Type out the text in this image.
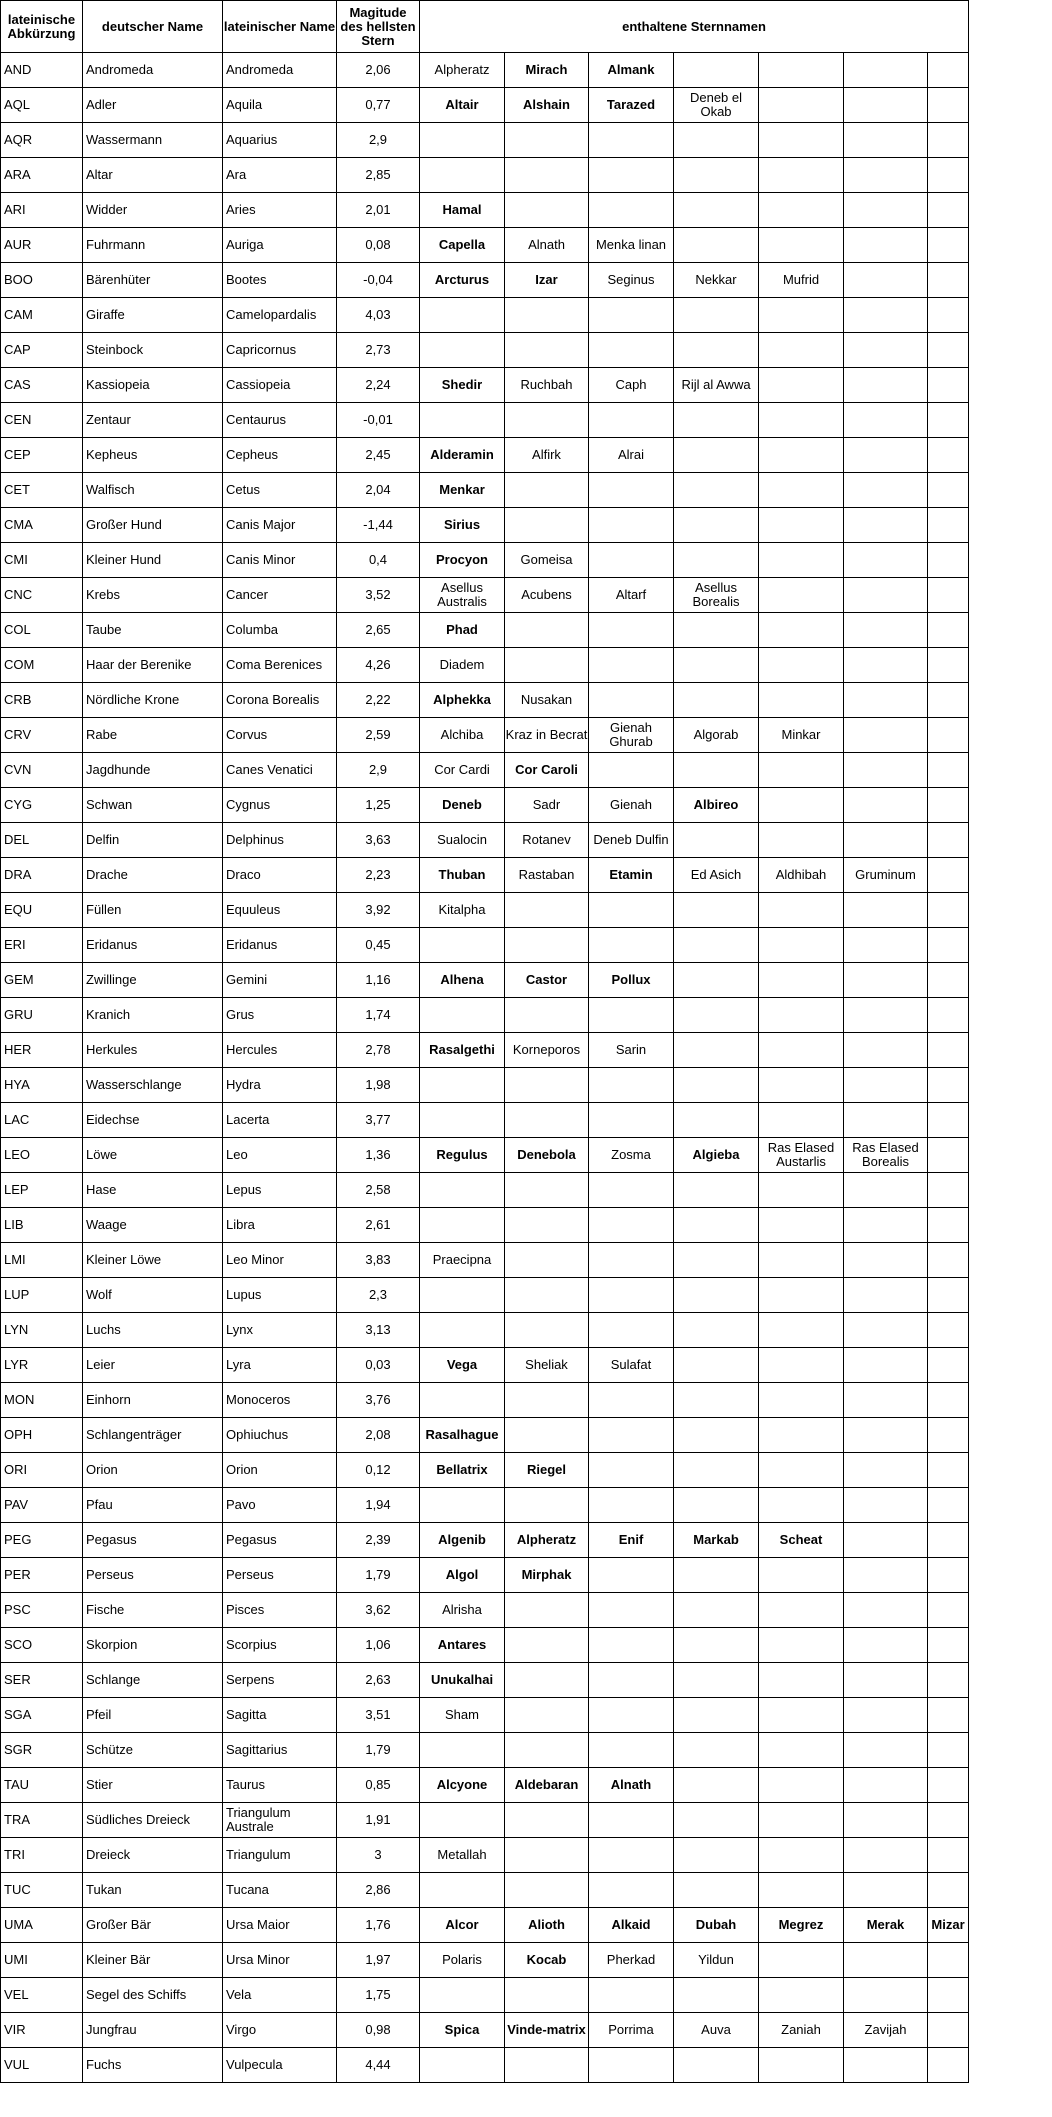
lateinische Abkürzung	deutscher Name	lateinischer Name	Magitude des hellsten Stern	enthaltene Sternnamen						
AND	Andromeda	Andromeda	2,06	Alpheratz	Mirach	Almank				
AQL	Adler	Aquila	0,77	Altair	Alshain	Tarazed	Deneb el Okab			
AQR	Wassermann	Aquarius	2,9							
ARA	Altar	Ara	2,85							
ARI	Widder	Aries	2,01	Hamal						
AUR	Fuhrmann	Auriga	0,08	Capella	Alnath	Menka linan				
BOO	Bärenhüter	Bootes	-0,04	Arcturus	Izar	Seginus	Nekkar	Mufrid		
CAM	Giraffe	Camelopardalis	4,03							
CAP	Steinbock	Capricornus	2,73							
CAS	Kassiopeia	Cassiopeia	2,24	Shedir	Ruchbah	Caph	Rijl al Awwa			
CEN	Zentaur	Centaurus	-0,01							
CEP	Kepheus	Cepheus	2,45	Alderamin	Alfirk	Alrai				
CET	Walfisch	Cetus	2,04	Menkar						
CMA	Großer Hund	Canis Major	-1,44	Sirius						
CMI	Kleiner Hund	Canis Minor	0,4	Procyon	Gomeisa					
CNC	Krebs	Cancer	3,52	Asellus Australis	Acubens	Altarf	Asellus Borealis			
COL	Taube	Columba	2,65	Phad						
COM	Haar der Berenike	Coma Berenices	4,26	Diadem						
CRB	Nördliche Krone	Corona Borealis	2,22	Alphekka	Nusakan					
CRV	Rabe	Corvus	2,59	Alchiba	Kraz in Becrat	Gienah Ghurab	Algorab	Minkar		
CVN	Jagdhunde	Canes Venatici	2,9	Cor Cardi	Cor Caroli					
CYG	Schwan	Cygnus	1,25	Deneb	Sadr	Gienah	Albireo			
DEL	Delfin	Delphinus	3,63	Sualocin	Rotanev	Deneb Dulfin				
DRA	Drache	Draco	2,23	Thuban	Rastaban	Etamin	Ed Asich	Aldhibah	Gruminum	
EQU	Füllen	Equuleus	3,92	Kitalpha						
ERI	Eridanus	Eridanus	0,45							
GEM	Zwillinge	Gemini	1,16	Alhena	Castor	Pollux				
GRU	Kranich	Grus	1,74							
HER	Herkules	Hercules	2,78	Rasalgethi	Korneporos	Sarin				
HYA	Wasserschlange	Hydra	1,98							
LAC	Eidechse	Lacerta	3,77							
LEO	Löwe	Leo	1,36	Regulus	Denebola	Zosma	Algieba	Ras Elased Austarlis	Ras Elased Borealis	
LEP	Hase	Lepus	2,58							
LIB	Waage	Libra	2,61							
LMI	Kleiner Löwe	Leo Minor	3,83	Praecipna						
LUP	Wolf	Lupus	2,3							
LYN	Luchs	Lynx	3,13							
LYR	Leier	Lyra	0,03	Vega	Sheliak	Sulafat				
MON	Einhorn	Monoceros	3,76							
OPH	Schlangenträger	Ophiuchus	2,08	Rasalhague						
ORI	Orion	Orion	0,12	Bellatrix	Riegel					
PAV	Pfau	Pavo	1,94							
PEG	Pegasus	Pegasus	2,39	Algenib	Alpheratz	Enif	Markab	Scheat		
PER	Perseus	Perseus	1,79	Algol	Mirphak					
PSC	Fische	Pisces	3,62	Alrisha						
SCO	Skorpion	Scorpius	1,06	Antares						
SER	Schlange	Serpens	2,63	Unukalhai						
SGA	Pfeil	Sagitta	3,51	Sham						
SGR	Schütze	Sagittarius	1,79							
TAU	Stier	Taurus	0,85	Alcyone	Aldebaran	Alnath				
TRA	Südliches Dreieck	Triangulum Australe	1,91							
TRI	Dreieck	Triangulum	3	Metallah						
TUC	Tukan	Tucana	2,86							
UMA	Großer Bär	Ursa Maior	1,76	Alcor	Alioth	Alkaid	Dubah	Megrez	Merak	Mizar
UMI	Kleiner Bär	Ursa Minor	1,97	Polaris	Kocab	Pherkad	Yildun			
VEL	Segel des Schiffs	Vela	1,75							
VIR	Jungfrau	Virgo	0,98	Spica	Vinde-matrix	Porrima	Auva	Zaniah	Zavijah	
VUL	Fuchs	Vulpecula	4,44							
